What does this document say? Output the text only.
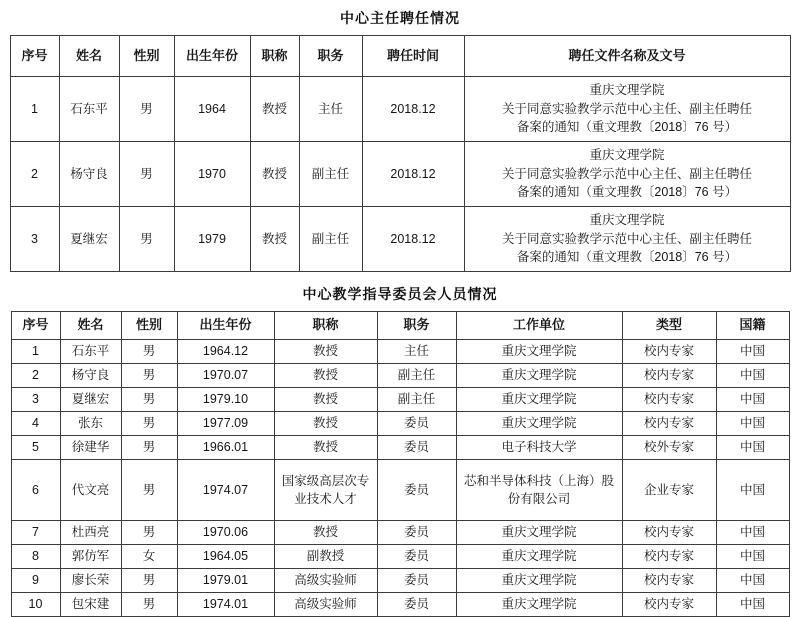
中心主任聘任情况
序号	姓名	性别	出生年份	职称	职务	聘任时间	聘任文件名称及文号
1	石东平	男	1964	教授	主任	2018.12	重庆文理学院
关于同意实验教学示范中心主任、副主任聘任
备案的通知（重文理教〔2018〕76 号）

2	杨守良	男	1970	教授	副主任	2018.12	重庆文理学院
关于同意实验教学示范中心主任、副主任聘任
备案的通知（重文理教〔2018〕76 号）

3	夏继宏	男	1979	教授	副主任	2018.12	重庆文理学院
关于同意实验教学示范中心主任、副主任聘任
备案的通知（重文理教〔2018〕76 号）
中心教学指导委员会人员情况
序号	姓名	性别	出生年份	职称	职务	工作单位	类型	国籍
1	石东平	男	1964.12	教授	主任	重庆文理学院	校内专家	中国
2	杨守良	男	1970.07	教授	副主任	重庆文理学院	校内专家	中国
3	夏继宏	男	1979.10	教授	副主任	重庆文理学院	校内专家	中国
4	张东	男	1977.09	教授	委员	重庆文理学院	校内专家	中国
5	徐建华	男	1966.01	教授	委员	电子科技大学	校外专家	中国
6	代文亮	男	1974.07	国家级高层次专业技术人才	委员	芯和半导体科技（上海）股份有限公司	企业专家	中国
7	杜西亮	男	1970.06	教授	委员	重庆文理学院	校内专家	中国
8	郭仿军	女	1964.05	副教授	委员	重庆文理学院	校内专家	中国
9	廖长荣	男	1979.01	高级实验师	委员	重庆文理学院	校内专家	中国
10	包宋建	男	1974.01	高级实验师	委员	重庆文理学院	校内专家	中国
